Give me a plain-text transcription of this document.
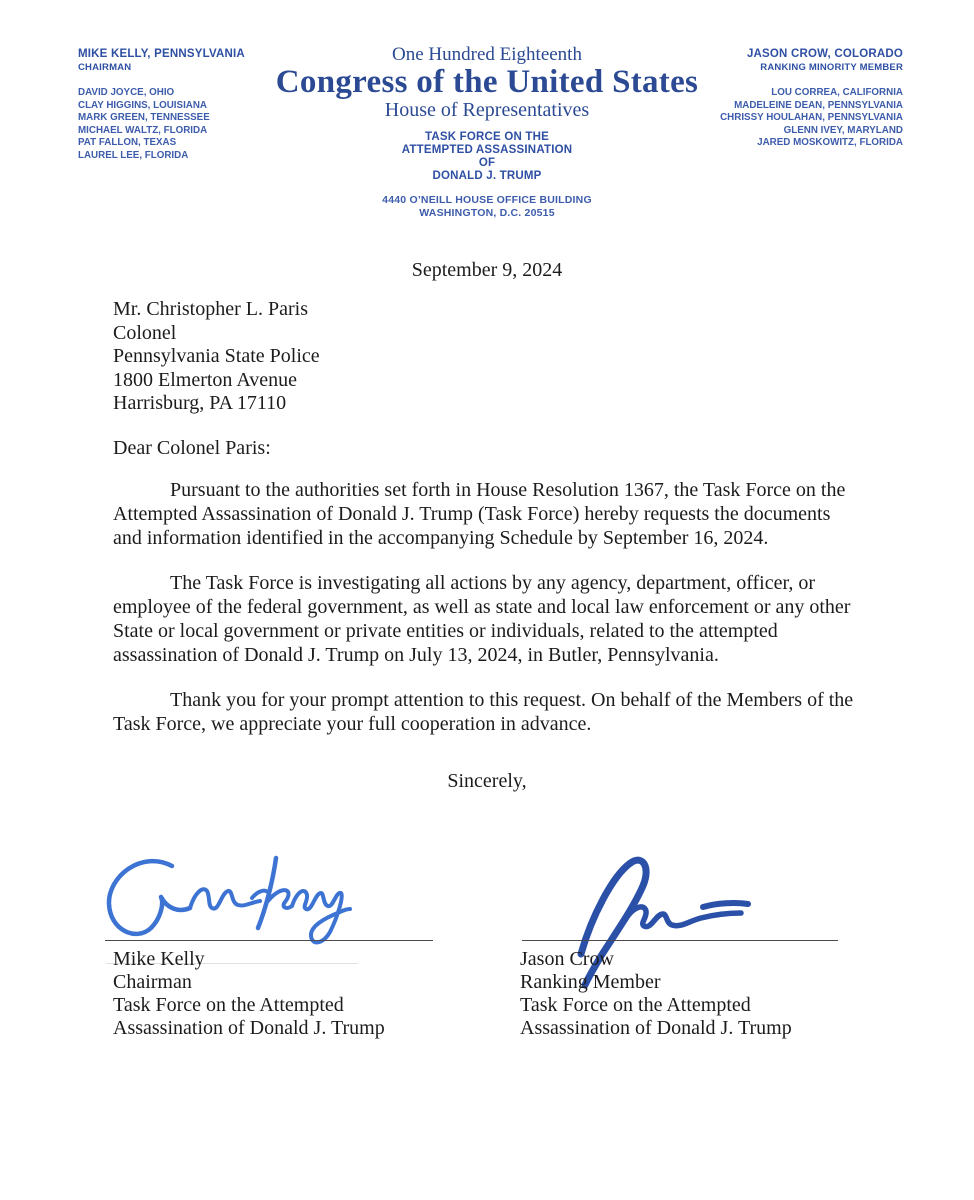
MIKE KELLY, PENNSYLVANIA
CHAIRMAN
DAVID JOYCE, OHIO
CLAY HIGGINS, LOUISIANA
MARK GREEN, TENNESSEE
MICHAEL WALTZ, FLORIDA
PAT FALLON, TEXAS
LAUREL LEE, FLORIDA
JASON CROW, COLORADO
RANKING MINORITY MEMBER
LOU CORREA, CALIFORNIA
MADELEINE DEAN, PENNSYLVANIA
CHRISSY HOULAHAN, PENNSYLVANIA
GLENN IVEY, MARYLAND
JARED MOSKOWITZ, FLORIDA
One Hundred Eighteenth
Congress of the United States
House of Representatives
TASK FORCE ON THE
ATTEMPTED ASSASSINATION
OF
DONALD J. TRUMP
4440 O’NEILL HOUSE OFFICE BUILDING
WASHINGTON, D.C. 20515
September 9, 2024
Mr. Christopher L. Paris
Colonel
Pennsylvania State Police
1800 Elmerton Avenue
Harrisburg, PA 17110
Dear Colonel Paris:

Pursuant to the authorities set forth in House Resolution 1367, the Task Force on the Attempted Assassination of Donald J. Trump (Task Force) hereby requests the documents and information identified in the accompanying Schedule by September 16, 2024.

The Task Force is investigating all actions by any agency, department, officer, or employee of the federal government, as well as state and local law enforcement or any other State or local government or private entities or individuals, related to the attempted assassination of Donald J. Trump on July 13, 2024, in Butler, Pennsylvania.

Thank you for your prompt attention to this request. On behalf of the Members of the Task Force, we appreciate your full cooperation in advance.

Sincerely,
Mike Kelly
Chairman
Task Force on the Attempted
Assassination of Donald J. Trump
Jason Crow
Ranking Member
Task Force on the Attempted
Assassination of Donald J. Trump
